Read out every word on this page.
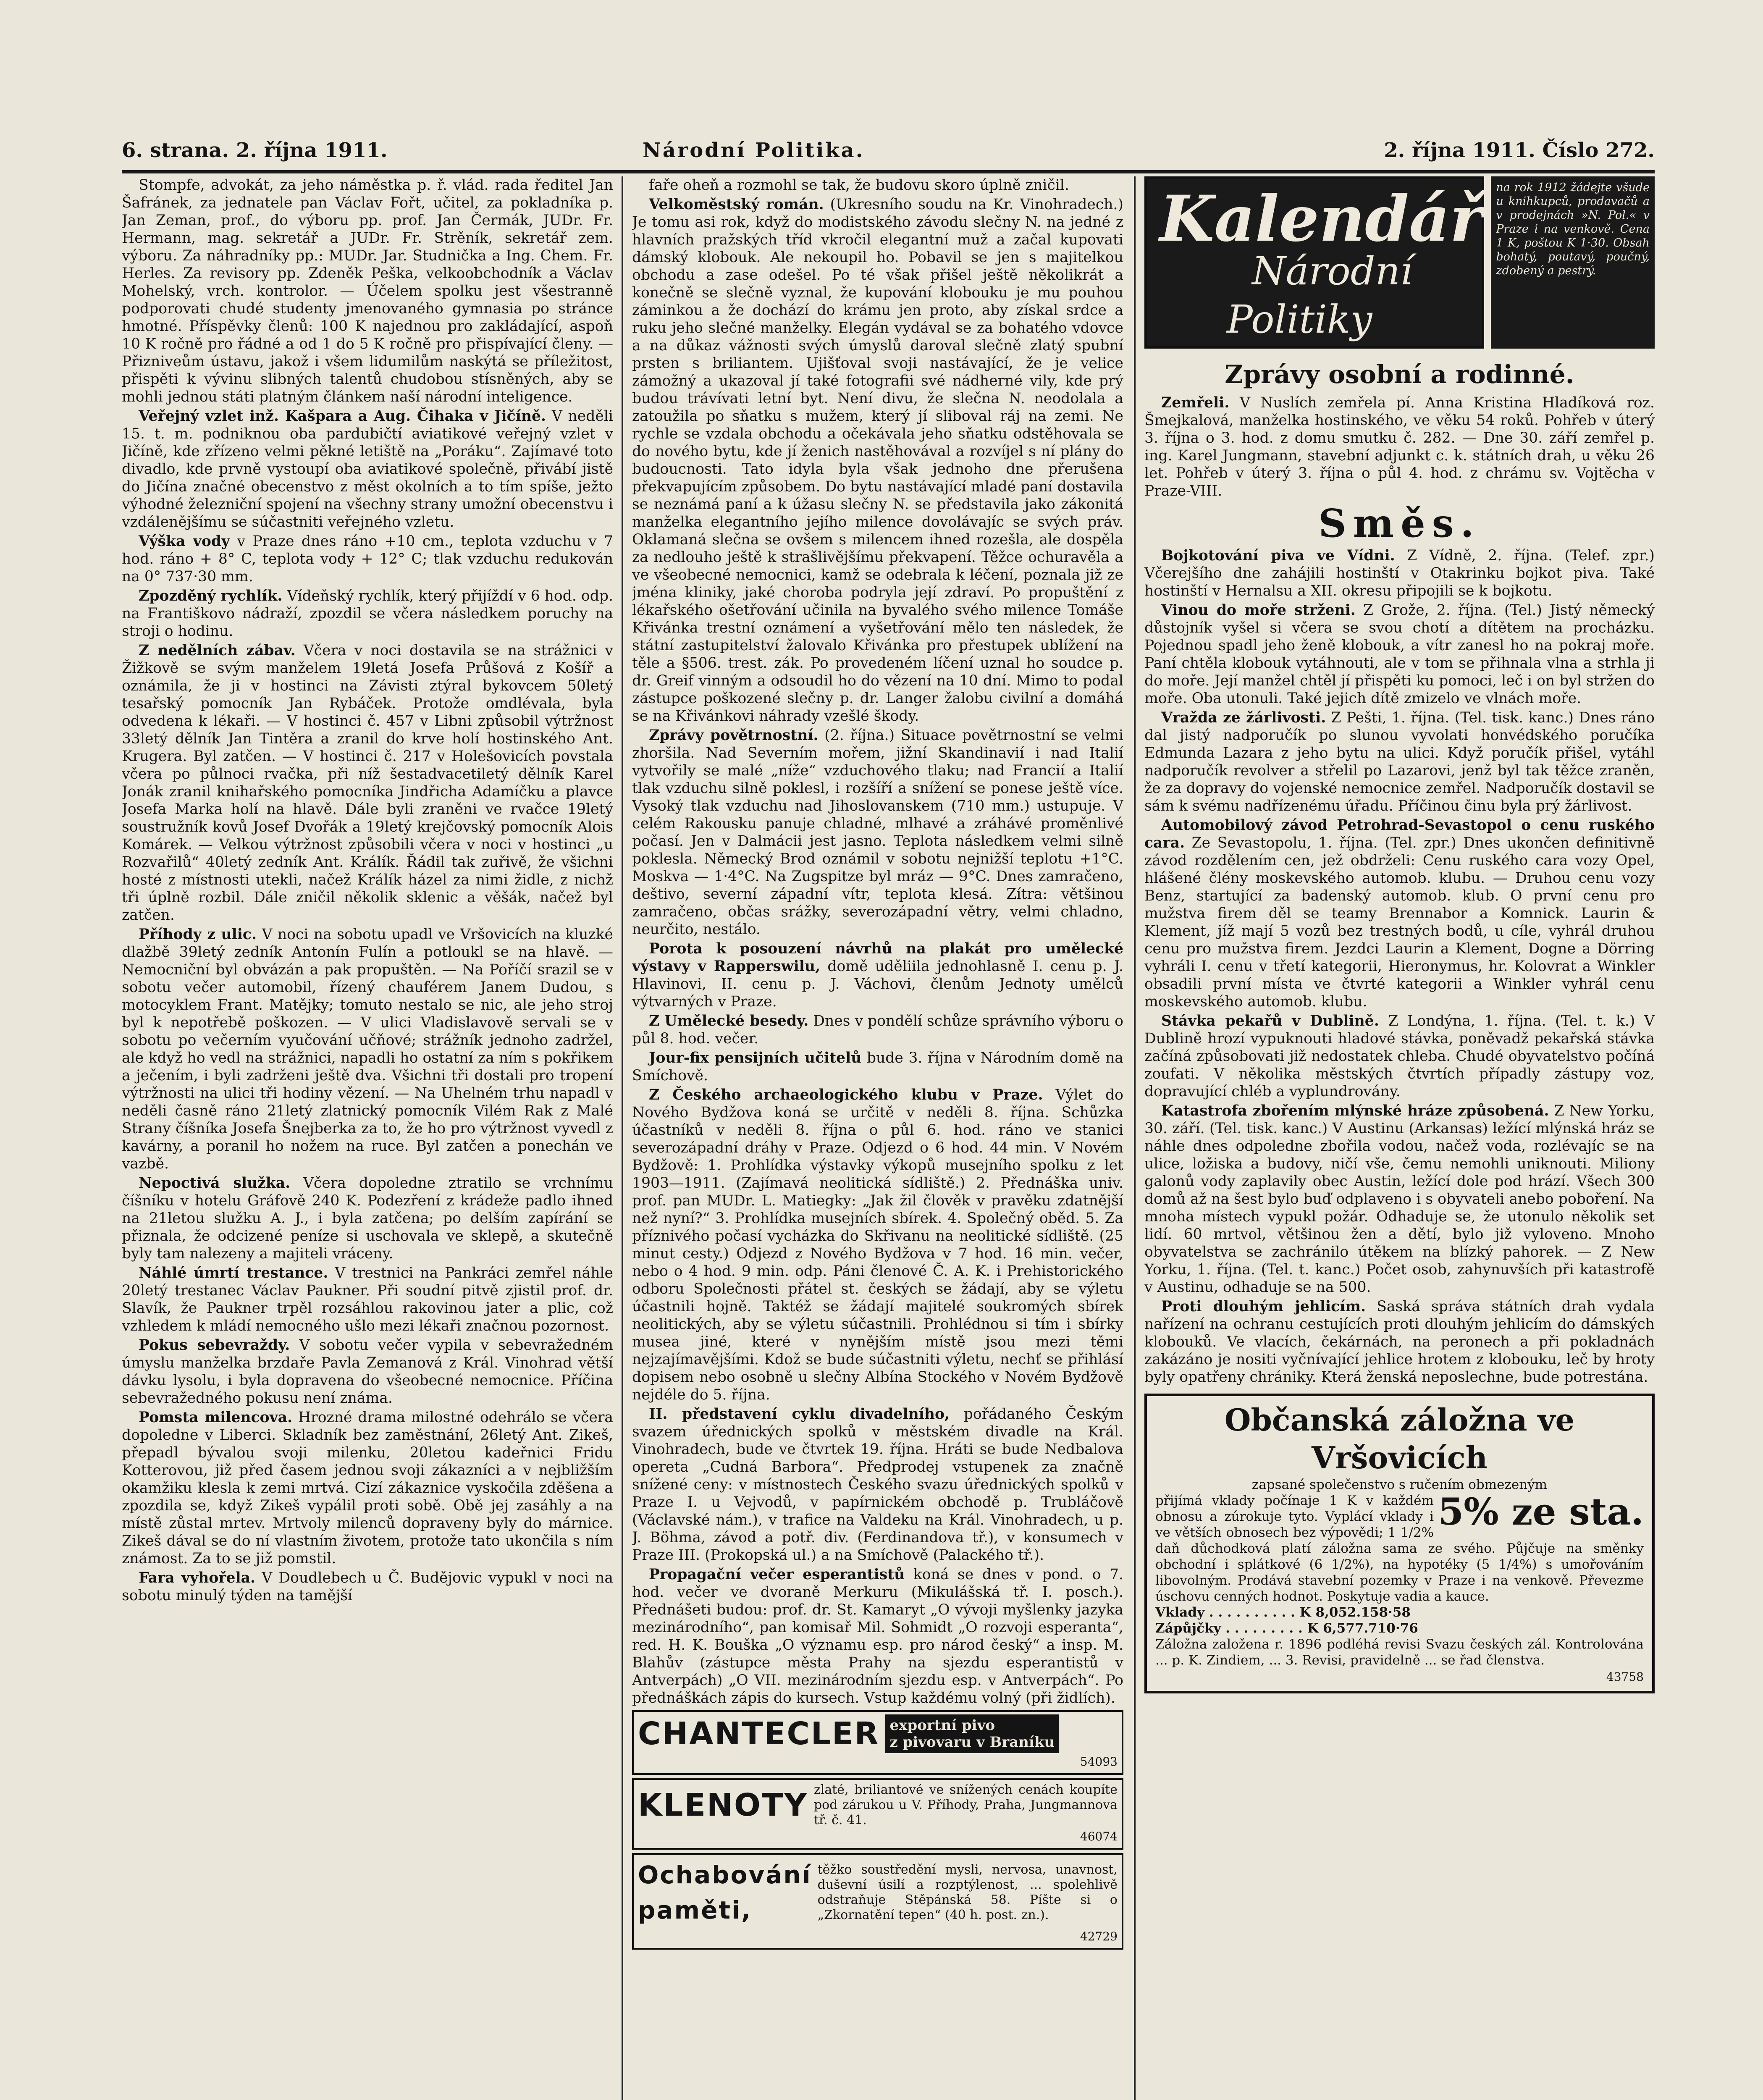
6. strana. 2. října 1911.	Národní Politika.	2. října 1911. Číslo 272.

Stompfe, advokát, za jeho náměstka p. ř. vlád. rada ředitel Jan Šafránek, za jednatele pan Václav Fořt, učitel, za pokladníka p. Jan Zeman, prof., do výboru pp. prof. Jan Čermák, JUDr. Fr. Hermann, mag. sekretář a JUDr. Fr. Strěník, sekretář zem. výboru. Za náhradníky pp.: MUDr. Jar. Studnička a Ing. Chem. Fr. Herles. Za revisory pp. Zdeněk Peška, velkoobchodník a Václav Mohelský, vrch. kontrolor. — Účelem spolku jest všestranně podporovati chudé studenty jmenovaného gymnasia po stránce hmotné. Příspěvky členů: 100 K najednou pro zakládající, aspoň 10 K ročně pro řádné a od 1 do 5 K ročně pro přispívající členy. — Přizniveům ústavu, jakož i všem lidumilům naskýtá se příležitost, přispěti k vývinu slibných talentů chudobou stísněných, aby se mohli jednou státi platným článkem naší národní inteligence.

Veřejný vzlet inž. Kašpara a Aug. Čihaka v Jičíně. V neděli 15. t. m. podniknou oba pardubičtí aviatikové veřejný vzlet v Jičíně, kde zřízeno velmi pěkné letiště na „Poráku“. Zajímavé toto divadlo, kde prvně vystoupí oba aviatikové společně, přivábí jistě do Jičína značné obecenstvo z měst okolních a to tím spíše, ježto výhodné železniční spojení na všechny strany umožní obecenstvu i vzdálenějšímu se súčastniti veřejného vzletu.

Výška vody v Praze dnes ráno +10 cm., teplota vzduchu v 7 hod. ráno + 8° C, teplota vody + 12° C; tlak vzduchu redukován na 0° 737·30 mm.

Zpozděný rychlík. Vídeňský rychlík, který přijíždí v 6 hod. odp. na Františkovo nádraží, zpozdil se včera následkem poruchy na stroji o hodinu.

Z nedělních zábav. Včera v noci dostavila se na strážnici v Žižkově se svým manželem 19letá Josefa Průšová z Košíř a oznámila, že ji v hostinci na Závisti ztýral bykovcem 50letý tesařský pomocník Jan Rybáček. Protože omdlévala, byla odvedena k lékaři. — V hostinci č. 457 v Libni způsobil výtržnost 33letý dělník Jan Tintěra a zranil do krve holí hostinského Ant. Krugera. Byl zatčen. — V hostinci č. 217 v Holešovicích povstala včera po půlnoci rvačka, při níž šestadvacetiletý dělník Karel Jonák zranil knihařského pomocníka Jindřicha Adamíčku a plavce Josefa Marka holí na hlavě. Dále byli zraněni ve rvačce 19letý soustružník kovů Josef Dvořák a 19letý krejčovský pomocník Alois Komárek. — Velkou výtržnost způsobili včera v noci v hostinci „u Rozvařilů“ 40letý zedník Ant. Králík. Řádil tak zuřivě, že všichni hosté z místnosti utekli, načež Králík házel za nimi židle, z nichž tři úplně rozbil. Dále zničil několik sklenic a věšák, načež byl zatčen.

Příhody z ulic. V noci na sobotu upadl ve Vršovicích na kluzké dlažbě 39letý zedník Antonín Fulín a potloukl se na hlavě. — Nemocniční byl obvázán a pak propuštěn. — Na Poříčí srazil se v sobotu večer automobil, řízený chauférem Janem Dudou, s motocyklem Frant. Matějky; tomuto nestalo se nic, ale jeho stroj byl k nepotřebě poškozen. — V ulici Vladislavově servali se v sobotu po večerním vyučování učňové; strážník jednoho zadržel, ale když ho vedl na strážnici, napadli ho ostatní za ním s pokřikem a ječením, i byli zadrženi ještě dva. Všichni tři dostali pro tropení výtržnosti na ulici tři hodiny vězení. — Na Uhelném trhu napadl v neděli časně ráno 21letý zlatnický pomocník Vilém Rak z Malé Strany číšníka Josefa Šnejberka za to, že ho pro výtržnost vyvedl z kavárny, a poranil ho nožem na ruce. Byl zatčen a ponechán ve vazbě.

Nepoctivá služka. Včera dopoledne ztratilo se vrchnímu číšníku v hotelu Gráfově 240 K. Podezření z krádeže padlo ihned na 21letou služku A. J., i byla zatčena; po delším zapírání se přiznala, že odcizené peníze si uschovala ve sklepě, a skutečně byly tam nalezeny a majiteli vráceny.

Náhlé úmrtí trestance. V trestnici na Pankráci zemřel náhle 20letý trestanec Václav Paukner. Při soudní pitvě zjistil prof. dr. Slavík, že Paukner trpěl rozsáhlou rakovinou jater a plic, což vzhledem k mládí nemocného ušlo mezi lékaři značnou pozornost.

Pokus sebevraždy. V sobotu večer vypila v sebevražedném úmyslu manželka brzdaře Pavla Zemanová z Král. Vinohrad větší dávku lysolu, i byla dopravena do všeobecné nemocnice. Příčina sebevražedného pokusu není známa.

Pomsta milencova. Hrozné drama milostné odehrálo se včera dopoledne v Liberci. Skladník bez zaměstnání, 26letý Ant. Zikeš, přepadl bývalou svoji milenku, 20letou kadeřnici Fridu Kotterovou, již před časem jednou svoji zákazníci a v nejbližším okamžiku klesla k zemi mrtvá. Cizí zákaznice vyskočila zděšena a zpozdila se, když Zikeš vypálil proti sobě. Obě jej zasáhly a na místě zůstal mrtev. Mrtvoly milenců dopraveny byly do márnice. Zikeš dával se do ní vlastním životem, protože tato ukončila s ním známost. Za to se již pomstil.

Fara vyhořela. V Doudlebech u Č. Budějovic vypukl v noci na sobotu minulý týden na tamější

faře oheň a rozmohl se tak, že budovu skoro úplně zničil.

Velkoměstský román. (Ukresního soudu na Kr. Vinohradech.) Je tomu asi rok, když do modistského závodu slečny N. na jedné z hlavních pražských tříd vkročil elegantní muž a začal kupovati dámský klobouk. Ale nekoupil ho. Pobavil se jen s majitelkou obchodu a zase odešel. Po té však přišel ještě několikrát a konečně se slečně vyznal, že kupování klobouku je mu pouhou záminkou a že dochází do krámu jen proto, aby získal srdce a ruku jeho slečné manželky. Elegán vydával se za bohatého vdovce a na důkaz vážnosti svých úmyslů daroval slečně zlatý spubní prsten s briliantem. Ujišťoval svoji nastávající, že je velice zámožný a ukazoval jí také fotografii své nádherné vily, kde prý budou trávívati letní byt. Není divu, že slečna N. neodolala a zatoužila po sňatku s mužem, který jí sliboval ráj na zemi. Ne rychle se vzdala obchodu a očekávala jeho sňatku odstěhovala se do nového bytu, kde jí ženich nastěhovával a rozvíjel s ní plány do budoucnosti. Tato idyla byla však jednoho dne přerušena překvapujícím způsobem. Do bytu nastávající mladé paní dostavila se neznámá paní a k úžasu slečny N. se představila jako zákonitá manželka elegantního jejího milence dovolávajíc se svých práv. Oklamaná slečna se ovšem s milencem ihned rozešla, ale dospěla za nedlouho ještě k strašlivějšímu překvapení. Těžce ochuravěla a ve všeobecné nemocnici, kamž se odebrala k léčení, poznala již ze jména kliniky, jaké choroba podryla její zdraví. Po propuštění z lékařského ošetřování učinila na byvalého svého milence Tomáše Křivánka trestní oznámení a vyšetřování mělo ten následek, že státní zastupitelství žalovalo Křivánka pro přestupek ublížení na těle a §506. trest. zák. Po provedeném líčení uznal ho soudce p. dr. Greif vinným a odsoudil ho do vězení na 10 dní. Mimo to podal zástupce poškozené slečny p. dr. Langer žalobu civilní a domáhá se na Křivánkovi náhrady vzešlé škody.

Zprávy povětrnostní. (2. října.) Situace povětrnostní se velmi zhoršila. Nad Severním mořem, jižní Skandinavií i nad Italií vytvořily se malé „níže“ vzduchového tlaku; nad Francií a Italií tlak vzduchu silně poklesl, i rozšíří a snížení se ponese ještě více. Vysoký tlak vzduchu nad Jihoslovanskem (710 mm.) ustupuje. V celém Rakousku panuje chladné, mlhavé a zráhávé proměnlivé počasí. Jen v Dalmácii jest jasno. Teplota následkem velmi silně poklesla. Německý Brod oznámil v sobotu nejnižší teplotu +1°C. Moskva — 1·4°C. Na Zugspitze byl mráz — 9°C. Dnes zamračeno, deštivo, severní západní vítr, teplota klesá. Zítra: většinou zamračeno, občas srážky, severozápadní větry, velmi chladno, neurčito, nestálo.

Porota k posouzení návrhů na plakát pro umělecké výstavy v Rapperswilu, domě uděliila jednohlasně I. cenu p. J. Hlavinovi, II. cenu p. J. Váchovi, členům Jednoty umělců výtvarných v Praze.

Z Umělecké besedy. Dnes v pondělí schůze správního výboru o půl 8. hod. večer.

Jour-fix pensijních učitelů bude 3. října v Národním domě na Smíchově.

Z Českého archaeologického klubu v Praze. Výlet do Nového Bydžova koná se určitě v neděli 8. října. Schůzka účastníků v neděli 8. října o půl 6. hod. ráno ve stanici severozápadní dráhy v Praze. Odjezd o 6 hod. 44 min. V Novém Bydžově: 1. Prohlídka výstavky výkopů musejního spolku z let 1903—1911. (Zajímavá neolitická sídliště.) 2. Přednáška univ. prof. pan MUDr. L. Matiegky: „Jak žil člověk v pravěku zdatnější než nyní?“ 3. Prohlídka musejních sbírek. 4. Společný oběd. 5. Za příznivého počasí vycházka do Skřivanu na neolitické sídliště. (25 minut cesty.) Odjezd z Nového Bydžova v 7 hod. 16 min. večer, nebo o 4 hod. 9 min. odp. Páni členové Č. A. K. i Prehistorického odboru Společnosti přátel st. českých se žádají, aby se výletu účastnili hojně. Taktéž se žádají majitelé soukromých sbírek neolitických, aby se výletu súčastnili. Prohlédnou si tím i sbírky musea jiné, které v nynějším místě jsou mezi těmi nejzajímavějšími. Kdož se bude súčastniti výletu, nechť se přihlásí dopisem nebo osobně u slečny Albína Stockého v Novém Bydžově nejdéle do 5. října.

II. představení cyklu divadelního, pořádaného Českým svazem úřednických spolků v městském divadle na Král. Vinohradech, bude ve čtvrtek 19. října. Hráti se bude Nedbalova opereta „Cudná Barbora“. Předprodej vstupenek za značně snížené ceny: v místnostech Českého svazu úřednických spolků v Praze I. u Vejvodů, v papírnickém obchodě p. Trubláčově (Václavské nám.), v trafice na Valdeku na Král. Vinohradech, u p. J. Böhma, závod a potř. div. (Ferdinandova tř.), v konsumech v Praze III. (Prokopská ul.) a na Smíchově (Palackého tř.).

Propagační večer esperantistů koná se dnes v pond. o 7. hod. večer ve dvoraně Merkuru (Mikulášská tř. I. posch.). Přednášeti budou: prof. dr. St. Kamaryt „O vývoji myšlenky jazyka mezinárodního“, pan komisař Mil. Sohmidt „O rozvoji esperanta“, red. H. K. Bouška „O významu esp. pro národ český“ a insp. M. Blahův (zástupce města Prahy na sjezdu esperantistů v Antverpách) „O VII. mezinárodním sjezdu esp. v Antverpách“. Po přednáškách zápis do kursech. Vstup každému volný (při židlích).

CHANTECLER exportní pivo
z pivovaru v Braníku
54093
KLENOTY zlaté, briliantové ve snížených cenách koupíte pod zárukou u V. Příhody, Praha, Jungmannova tř. č. 41.
46074
Ochabování paměti,
těžko soustředění mysli, nervosa, unavnost, duševní úsilí a rozptýlenost, ... spolehlivě odstraňuje Stěpánská 58. Píšte si o „Zkornatění tepen“ (40 h. post. zn.).
42729
Kalendář
Národní
Politiky
na rok 1912 žádejte všude u knihkupců, prodavačů a v prodejnách »N. Pol.« v Praze i na venkově. Cena 1 K, poštou K 1·30. Obsah bohatý, poutavý, poučný, zdobený a pestrý.
Zprávy osobní a rodinné.

Zemřeli. V Nuslích zemřela pí. Anna Kristina Hladíková roz. Šmejkalová, manželka hostinského, ve věku 54 roků. Pohřeb v úterý 3. října o 3. hod. z domu smutku č. 282. — Dne 30. září zemřel p. ing. Karel Jungmann, stavební adjunkt c. k. státních drah, u věku 26 let. Pohřeb v úterý 3. října o půl 4. hod. z chrámu sv. Vojtěcha v Praze-VIII.

Směs.

Bojkotování piva ve Vídni. Z Vídně, 2. října. (Telef. zpr.) Včerejšího dne zahájili hostinští v Otakrinku bojkot piva. Také hostinští v Hernalsu a XII. okresu připojili se k bojkotu.

Vinou do moře strženi. Z Grože, 2. října. (Tel.) Jistý německý důstojník vyšel si včera se svou chotí a dítětem na procházku. Pojednou spadl jeho ženě klobouk, a vítr zanesl ho na pokraj moře. Paní chtěla klobouk vytáhnouti, ale v tom se přihnala vlna a strhla ji do moře. Její manžel chtěl jí přispěti ku pomoci, leč i on byl stržen do moře. Oba utonuli. Také jejich dítě zmizelo ve vlnách moře.

Vražda ze žárlivosti. Z Pešti, 1. října. (Tel. tisk. kanc.) Dnes ráno dal jistý nadporučík po slunou vyvolati honvédského poručíka Edmunda Lazara z jeho bytu na ulici. Když poručík přišel, vytáhl nadporučík revolver a střelil po Lazarovi, jenž byl tak těžce zraněn, že za dopravy do vojenské nemocnice zemřel. Nadporučík dostavil se sám k svému nadřízenému úřadu. Příčinou činu byla prý žárlivost.

Automobilový závod Petrohrad-Sevastopol o cenu ruského cara. Ze Sevastopolu, 1. října. (Tel. zpr.) Dnes ukončen definitivně závod rozdělením cen, jež obdrželi: Cenu ruského cara vozy Opel, hlášené člény moskevského automob. klubu. — Druhou cenu vozy Benz, startující za badenský automob. klub. O první cenu pro mužstva firem děl se teamy Brennabor a Komnick. Laurin & Klement, jíž mají 5 vozů bez trestných bodů, u cíle, vyhrál druhou cenu pro mužstva firem. Jezdci Laurin a Klement, Dogne a Dörring vyhráli I. cenu v třetí kategorii, Hieronymus, hr. Kolovrat a Winkler obsadili první místa ve čtvrté kategorii a Winkler vyhrál cenu moskevského automob. klubu.

Stávka pekařů v Dublině. Z Londýna, 1. října. (Tel. t. k.) V Dublině hrozí vypuknouti hladové stávka, poněvadž pekařská stávka začíná způsobovati již nedostatek chleba. Chudé obyvatelstvo počíná zoufati. V několika městských čtvrtích případly zástupy voz, dopravující chléb a vyplundrovány.

Katastrofa zbořením mlýnské hráze způsobená. Z New Yorku, 30. září. (Tel. tisk. kanc.) V Austinu (Arkansas) ležící mlýnská hráz se náhle dnes odpoledne zbořila vodou, načež voda, rozlévajíc se na ulice, ložiska a budovy, ničí vše, čemu nemohli uniknouti. Miliony galonů vody zaplavily obec Austin, ležící dole pod hrází. Všech 300 domů až na šest bylo buď odplaveno i s obyvateli anebo poboření. Na mnoha místech vypukl požár. Odhaduje se, že utonulo několik set lidí. 60 mrtvol, většinou žen a dětí, bylo již vyloveno. Mnoho obyvatelstva se zachránilo útěkem na blízký pahorek. — Z New Yorku, 1. října. (Tel. t. kanc.) Počet osob, zahynuvších při katastrofě v Austinu, odhaduje se na 500.

Proti dlouhým jehlicím. Saská správa státních drah vydala nařízení na ochranu cestujících proti dlouhým jehlicím do dámských klobouků. Ve vlacích, čekárnách, na peronech a při pokladnách zakázáno je nositi vyčnívající jehlice hrotem z klobouku, leč by hroty byly opatřeny chrániky. Která ženská neposlechne, bude potrestána.

Občanská záložna ve Vršovicích
zapsané společenstvo s ručením obmezeným
5% ze sta.
přijímá vklady počínaje 1 K v každém obnosu a zúrokuje tyto. Vyplácí vklady i ve větších obnosech bez výpovědi; 1 1/2% daň důchodková platí záložna sama ze svého. Půjčuje na směnky obchodní i splátkové (6 1/2%), na hypotéky (5 1/4%) s umořováním libovolným. Prodává stavební pozemky v Praze i na venkově. Převezme úschovu cenných hodnot. Poskytuje vadia a kauce.
Vklady . . . . . . . . . . K 8,052.158·58
Zápůjčky . . . . . . . . . K 6,577.710·76
Záložna založena r. 1896 podléhá revisi Svazu českých zál. Kontrolována ... p. K. Zindiem, ... 3. Revisi, pravidelně ... se řad členstva.
43758
